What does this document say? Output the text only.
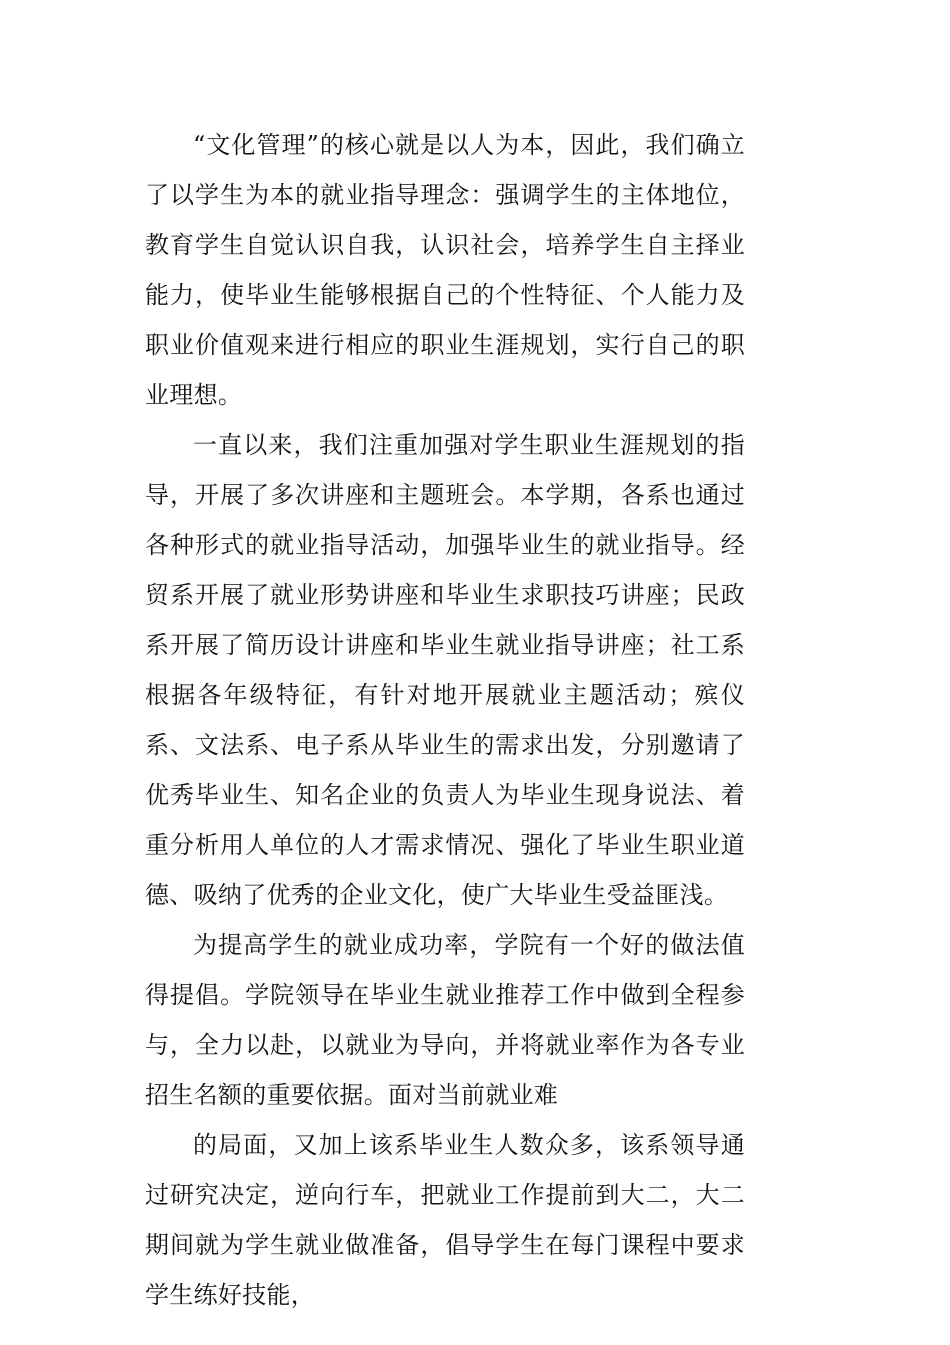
“文化管理”的核心就是以人为本，因此，我们确立了以学生为本的就业指导理念：强调学生的主体地位，教育学生自觉认识自我，认识社会，培养学生自主择业能力，使毕业生能够根据自己的个性特征、个人能力及职业价值观来进行相应的职业生涯规划，实行自己的职业理想。

一直以来，我们注重加强对学生职业生涯规划的指导，开展了多次讲座和主题班会。本学期，各系也通过各种形式的就业指导活动，加强毕业生的就业指导。经贸系开展了就业形势讲座和毕业生求职技巧讲座；民政系开展了简历设计讲座和毕业生就业指导讲座；社工系根据各年级特征，有针对地开展就业主题活动；殡仪系、文法系、电子系从毕业生的需求出发，分别邀请了优秀毕业生、知名企业的负责人为毕业生现身说法、着重分析用人单位的人才需求情况、强化了毕业生职业道德、吸纳了优秀的企业文化，使广大毕业生受益匪浅。

为提高学生的就业成功率，学院有一个好的做法值得提倡。学院领导在毕业生就业推荐工作中做到全程参与，全力以赴，以就业为导向，并将就业率作为各专业招生名额的重要依据。面对当前就业难

的局面，又加上该系毕业生人数众多，该系领导通过研究决定，逆向行车，把就业工作提前到大二，大二期间就为学生就业做准备，倡导学生在每门课程中要求学生练好技能，
